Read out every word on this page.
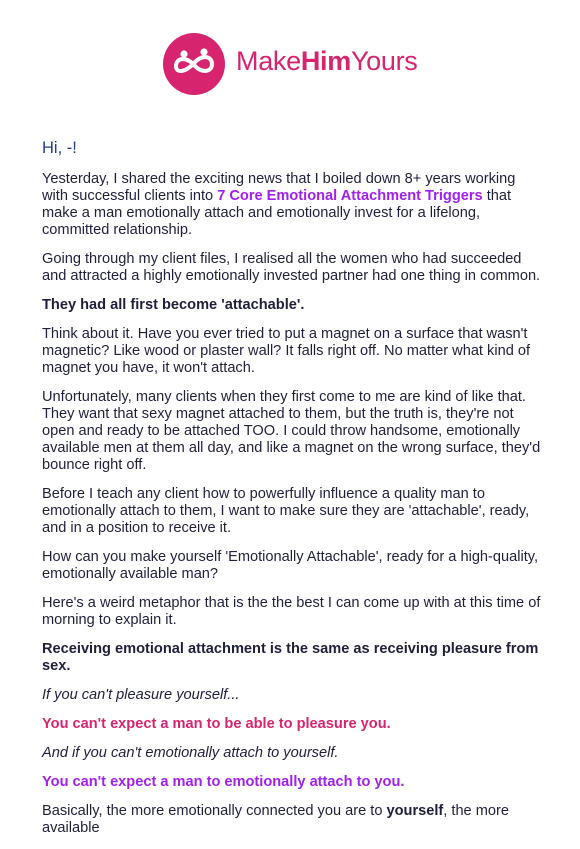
MakeHimYours
Hi, -!

Yesterday, I shared the exciting news that I boiled down 8+ years working with successful clients into 7 Core Emotional Attachment Triggers that make a man emotionally attach and emotionally invest for a lifelong, committed relationship.

Going through my client files, I realised all the women who had succeeded and attracted a highly emotionally invested partner had one thing in common.

They had all first become 'attachable'.

Think about it. Have you ever tried to put a magnet on a surface that wasn't magnetic? Like wood or plaster wall? It falls right off. No matter what kind of magnet you have, it won't attach.

Unfortunately, many clients when they first come to me are kind of like that. They want that sexy magnet attached to them, but the truth is, they're not open and ready to be attached TOO. I could throw handsome, emotionally available men at them all day, and like a magnet on the wrong surface, they'd bounce right off.

Before I teach any client how to powerfully influence a quality man to emotionally attach to them, I want to make sure they are 'attachable', ready, and in a position to receive it.

How can you make yourself 'Emotionally Attachable', ready for a high-quality, emotionally available man?

Here's a weird metaphor that is the the best I can come up with at this time of morning to explain it.

Receiving emotional attachment is the same as receiving pleasure from sex.

If you can't pleasure yourself...

You can't expect a man to be able to pleasure you.

And if you can't emotionally attach to yourself.

You can't expect a man to emotionally attach to you.

Basically, the more emotionally connected you are to yourself, the more available
